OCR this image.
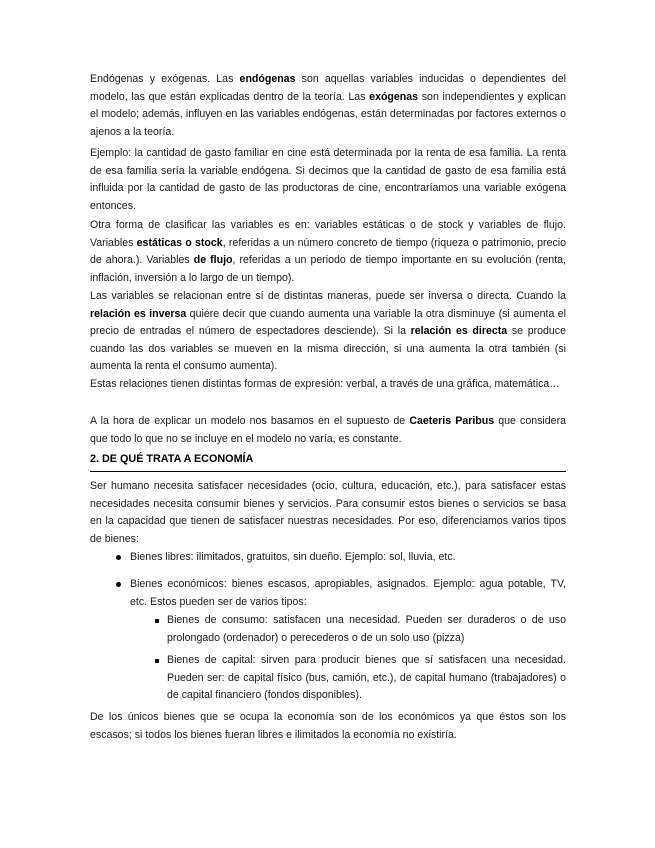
Endógenas y exógenas. Las endógenas son aquellas variables inducidas o dependientes del modelo, las que están explicadas dentro de la teoría. Las exógenas son independientes y explican el modelo; además, influyen en las variables endógenas, están determinadas por factores externos o ajenos a la teoría.

Ejemplo: la cantidad de gasto familiar en cine está determinada por la renta de esa familia. La renta de esa familia sería la variable endógena. Si decimos que la cantidad de gasto de esa familia está influida por la cantidad de gasto de las productoras de cine, encontraríamos una variable exógena entonces.

Otra forma de clasificar las variables es en: variables estáticas o de stock y variables de flujo. Variables estáticas o stock, referidas a un número concreto de tiempo (riqueza o patrimonio, precio de ahora.). Variables de flujo, referidas a un periodo de tiempo importante en su evolución (renta, inflación, inversión a lo largo de un tiempo).

Las variables se relacionan entre sí de distintas maneras, puede ser inversa o directa. Cuando la relación es inversa quiere decir que cuando aumenta una variable la otra disminuye (si aumenta el precio de entradas el número de espectadores desciende). Si la relación es directa se produce cuando las dos variables se mueven en la misma dirección, si una aumenta la otra también (si aumenta la renta el consumo aumenta).

Estas relaciones tienen distintas formas de expresión: verbal, a través de una gráfica, matemática…

A la hora de explicar un modelo nos basamos en el supuesto de Caeteris Paribus que considera que todo lo que no se incluye en el modelo no varía, es constante.

2. DE QUÉ TRATA A ECONOMÍA

Ser humano necesita satisfacer necesidades (ocio, cultura, educación, etc.), para satisfacer estas necesidades necesita consumir bienes y servicios. Para consumir estos bienes o servicios se basa en la capacidad que tienen de satisfacer nuestras necesidades. Por eso, diferenciamos varios tipos de bienes:

Bienes libres: ilimitados, gratuitos, sin dueño. Ejemplo: sol, lluvia, etc.
Bienes económicos: bienes escasos, apropiables, asignados. Ejemplo: agua potable, TV, etc. Estos pueden ser de varios tipos:
Bienes de consumo: satisfacen una necesidad. Pueden ser duraderos o de uso prolongado (ordenador) o perecederos o de un solo uso (pizza)
Bienes de capital: sirven para producir bienes que sí satisfacen una necesidad. Pueden ser: de capital físico (bus, camión, etc.), de capital humano (trabajadores) o de capital financiero (fondos disponibles).

De los únicos bienes que se ocupa la economía son de los económicos ya que éstos son los escasos; si todos los bienes fueran libres e ilimitados la economía no existiría.
